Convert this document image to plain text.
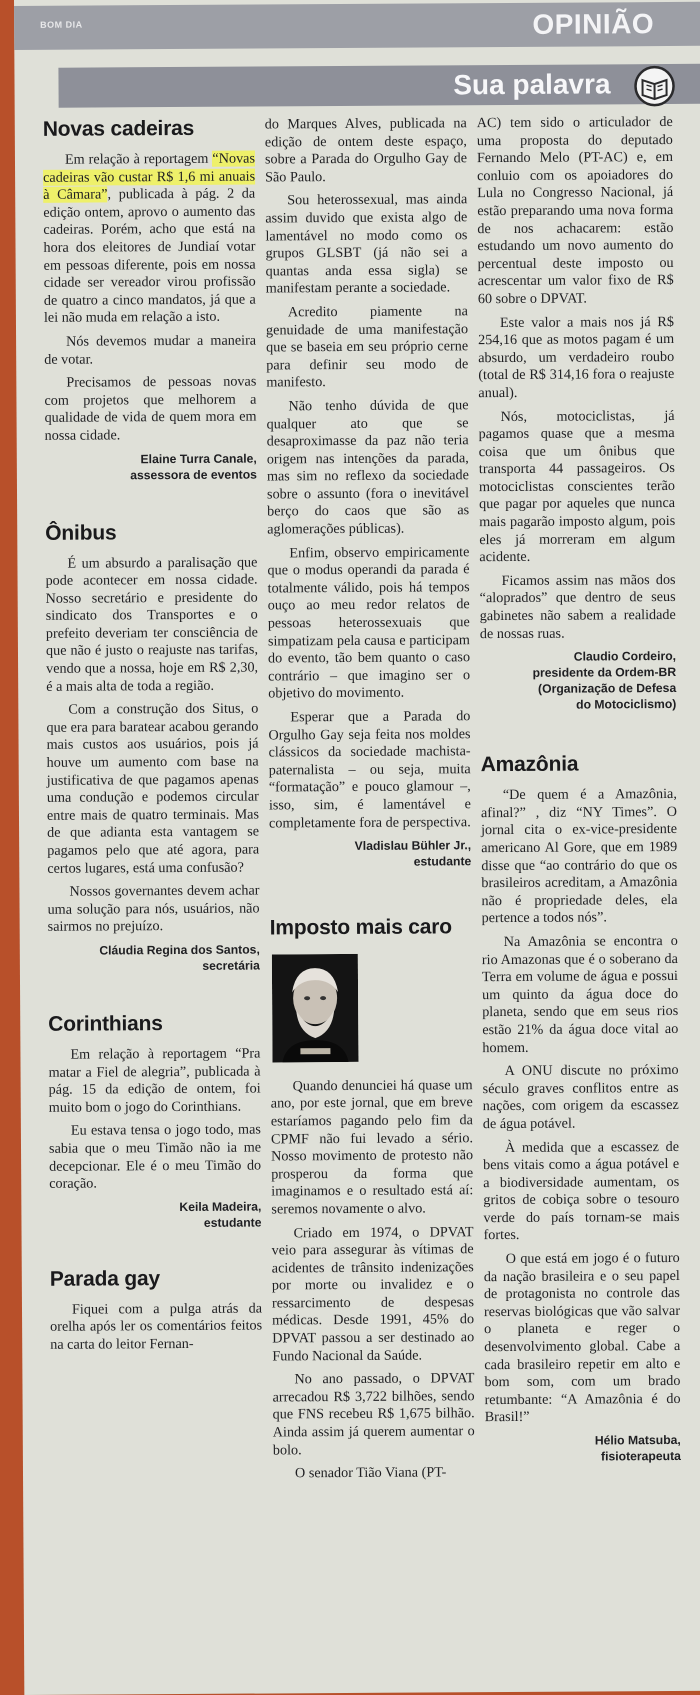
BOM DIA	OPINIÃO
Sua palavra
Novas cadeiras

Em relação à reportagem “Novas cadeiras vão custar R$ 1,6 mi anuais à Câmara”, publicada à pág. 2 da edição ontem, aprovo o aumento das cadeiras. Porém, acho que está na hora dos eleitores de Jundiaí votar em pessoas diferente, pois em nossa cidade ser vereador virou profissão de quatro a cinco mandatos, já que a lei não muda em relação a isto.

Nós devemos mudar a maneira de votar.

Precisamos de pessoas novas com projetos que melhorem a qualidade de vida de quem mora em nossa cidade.

Elaine Turra Canale,
assessora de eventos
Ônibus

É um absurdo a paralisação que pode acontecer em nossa cidade. Nosso secretário e presidente do sindicato dos Transportes e o prefeito deveriam ter consciência de que não é justo o reajuste nas tarifas, vendo que a nossa, hoje em R$ 2,30, é a mais alta de toda a região.

Com a construção dos Situs, o que era para baratear acabou gerando mais custos aos usuários, pois já houve um aumento com base na justificativa de que pagamos apenas uma condução e podemos circular entre mais de quatro terminais. Mas de que adianta esta vantagem se pagamos pelo que até agora, para certos lugares, está uma confusão?

Nossos governantes devem achar uma solução para nós, usuários, não sairmos no prejuízo.

Cláudia Regina dos Santos,
secretária
Corinthians

Em relação à reportagem “Pra matar a Fiel de alegria”, publicada à pág. 15 da edição de ontem, foi muito bom o jogo do Corinthians.

Eu estava tensa o jogo todo, mas sabia que o meu Timão não ia me decepcionar. Ele é o meu Timão do coração.

Keila Madeira,
estudante
Parada gay

Fiquei com a pulga atrás da orelha após ler os comentários feitos na carta do leitor Fernan-

do Marques Alves, publicada na edição de ontem deste espaço, sobre a Parada do Orgulho Gay de São Paulo.

Sou heterossexual, mas ainda assim duvido que exista algo de lamentável no modo como os grupos GLSBT (já não sei a quantas anda essa sigla) se manifestam perante a sociedade.

Acredito piamente na genuidade de uma manifestação que se baseia em seu próprio cerne para definir seu modo de manifesto.

Não tenho dúvida de que qualquer ato que se desaproximasse da paz não teria origem nas intenções da parada, mas sim no reflexo da sociedade sobre o assunto (fora o inevitável berço do caos que são as aglomerações públicas).

Enfim, observo empiricamente que o modus operandi da parada é totalmente válido, pois há tempos ouço ao meu redor relatos de pessoas heterossexuais que simpatizam pela causa e participam do evento, tão bem quanto o caso contrário – que imagino ser o objetivo do movimento.

Esperar que a Parada do Orgulho Gay seja feita nos moldes clássicos da sociedade machista-paternalista – ou seja, muita “formatação” e pouco glamour –, isso, sim, é lamentável e completamente fora de perspectiva.

Vladislau Bühler Jr.,
estudante
Imposto mais caro

Quando denunciei há quase um ano, por este jornal, que em breve estaríamos pagando pelo fim da CPMF não fui levado a sério. Nosso movimento de protesto não prosperou da forma que imaginamos e o resultado está aí: seremos novamente o alvo.

Criado em 1974, o DPVAT veio para assegurar às vítimas de acidentes de trânsito indenizações por morte ou invalidez e o ressarcimento de despesas médicas. Desde 1991, 45% do DPVAT passou a ser destinado ao Fundo Nacional da Saúde.

No ano passado, o DPVAT arrecadou R$ 3,722 bilhões, sendo que FNS recebeu R$ 1,675 bilhão. Ainda assim já querem aumentar o bolo.

O senador Tião Viana (PT-

AC) tem sido o articulador de uma proposta do deputado Fernando Melo (PT-AC) e, em conluio com os apoiadores do Lula no Congresso Nacional, já estão preparando uma nova forma de nos achacarem: estão estudando um novo aumento do percentual deste imposto ou acrescentar um valor fixo de R$ 60 sobre o DPVAT.

Este valor a mais nos já R$ 254,16 que as motos pagam é um absurdo, um verdadeiro roubo (total de R$ 314,16 fora o reajuste anual).

Nós, motociclistas, já pagamos quase que a mesma coisa que um ônibus que transporta 44 passageiros. Os motociclistas conscientes terão que pagar por aqueles que nunca mais pagarão imposto algum, pois eles já morreram em algum acidente.

Ficamos assim nas mãos dos “aloprados” que dentro de seus gabinetes não sabem a realidade de nossas ruas.

Claudio Cordeiro,
presidente da Ordem-BR
(Organização de Defesa
do Motociclismo)
Amazônia

“De quem é a Amazônia, afinal?” , diz “NY Times”. O jornal cita o ex-vice-presidente americano Al Gore, que em 1989 disse que “ao contrário do que os brasileiros acreditam, a Amazônia não é propriedade deles, ela pertence a todos nós”.

Na Amazônia se encontra o rio Amazonas que é o soberano da Terra em volume de água e possui um quinto da água doce do planeta, sendo que em seus rios estão 21% da água doce vital ao homem.

A ONU discute no próximo século graves conflitos entre as nações, com origem da escassez de água potável.

À medida que a escassez de bens vitais como a água potável e a biodiversidade aumentam, os gritos de cobiça sobre o tesouro verde do país tornam-se mais fortes.

O que está em jogo é o futuro da nação brasileira e o seu papel de protagonista no controle das reservas biológicas que vão salvar o planeta e reger o desenvolvimento global. Cabe a cada brasileiro repetir em alto e bom som, com um brado retumbante: “A Amazônia é do Brasil!”

Hélio Matsuba,
fisioterapeuta
